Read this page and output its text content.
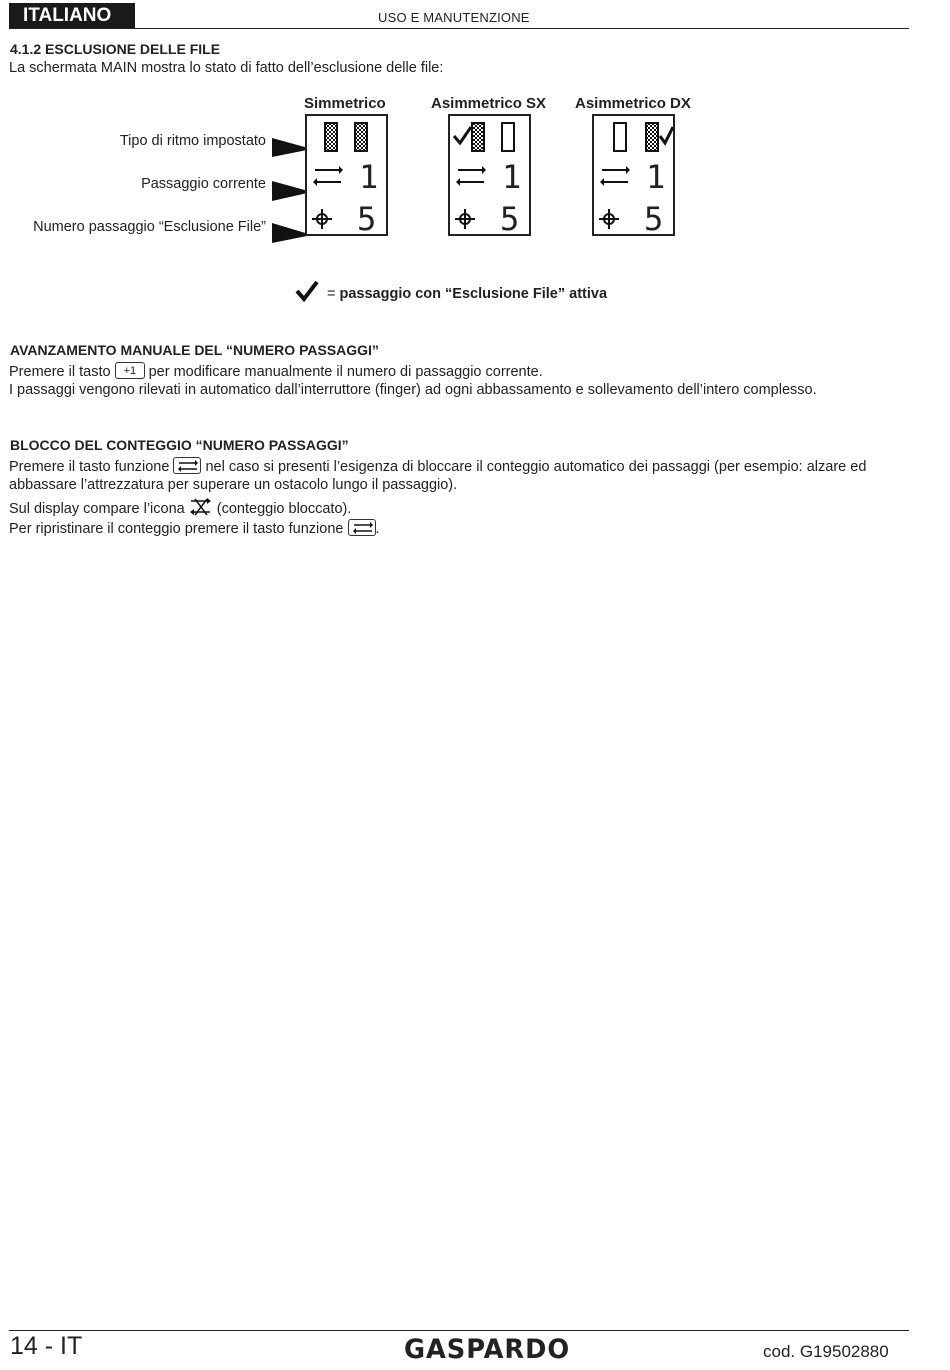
ITALIANO	USO E MANUTENZIONE
4.1.2 ESCLUSIONE DELLE FILE
La schermata MAIN mostra lo stato di fatto dell’esclusione delle file:
Simmetrico	Asimmetrico SX Asimmetrico DX
Tipo di ritmo impostato
Passaggio corrente
Numero passaggio “Esclusione File”
1
5
1
5
1
5
= passaggio con “Esclusione File” attiva
AVANZAMENTO MANUALE DEL “NUMERO PASSAGGI”
Premere il tasto +1 per modificare manualmente il numero di passaggio corrente.
I passaggi vengono rilevati in automatico dall’interruttore (finger) ad ogni abbassamento e sollevamento dell’intero complesso.
BLOCCO DEL CONTEGGIO “NUMERO PASSAGGI”
Premere il tasto funzione nel caso si presenti l’esigenza di bloccare il conteggio automatico dei passaggi (per esempio: alzare ed
abbassare l’attrezzatura per superare un ostacolo lungo il passaggio).
Sul display compare l’icona (conteggio bloccato).
Per ripristinare il conteggio premere il tasto funzione .
14 - IT	GASPARDO	cod. G19502880
